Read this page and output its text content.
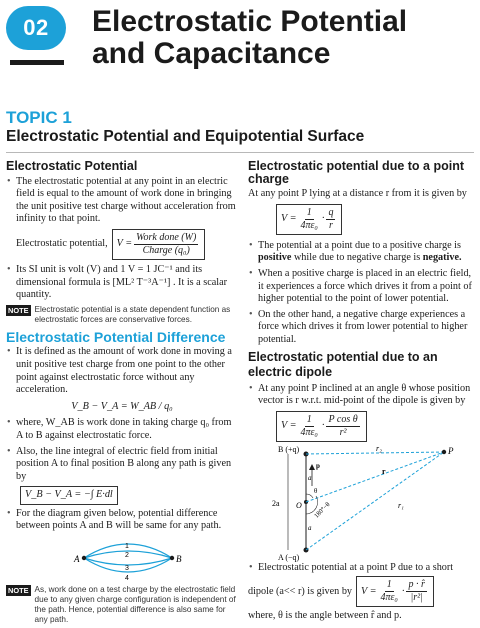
02 Electrostatic Potential
and Capacitance
TOPIC 1
Electrostatic Potential and Equipotential Surface
Electrostatic Potential
• The electrostatic potential at any point in an electric field is equal to the amount of work done in bringing the unit positive test charge without acceleration from infinity to that point.
Electrostatic potential, $V = \frac{\text{Work done (W)}}{\text{Charge (q₀)}}$
• Its SI unit is volt (V) and 1 V = 1 JC⁻¹ and its
dimensional formula is [ML² T⁻³A⁻¹] . It is a scalar quantity.
NOTE Electrostatic potential is a state dependent function as electrostatic forces are conservative forces.
Electrostatic Potential Difference
• It is defined as the amount of work done in moving a unit positive test charge from one point to the other point against electrostatic force without any acceleration.
V_B − V_A = W_AB / q₀
• where, W_AB is work done in taking charge q₀ from A to B against electrostatic force.
• Also, the line integral of electric field from initial position A to final position B along any path is given by
V_B − V_A = −∫ E·dl
• For the diagram given below, potential difference between points A and B will be same for any path.
A	B
1
2
3
4
NOTE As, work done on a test charge by the electrostatic field due to any given charge configuration is independent of the path. Hence, potential difference is also same for any path.
Electrostatic potential due to a point charge
At any point P lying at a distance r from it is given by
$V = \frac{1}{\text{4πε₀}} \cdot \frac{q}{r}$
• The potential at a point due to a positive charge is positive while due to negative charge is negative.
• When a positive charge is placed in an electric field, it experiences a force which drives it from a point of higher potential to the point of lower potential.
• On the other hand, a negative charge experiences a force which drives it from lower potential to higher potential.
Electrostatic potential due to an electric dipole
• At any point P inclined at an angle θ whose position vector is r w.r.t. mid-point of the dipole is given by
$V = \frac{1}{\text{4πε₀}} \cdot \frac{\text{P cos θ}}{\text{r²}}$
B (+q)
A (−q)
P
r
r₁
r₂
2a O
θ
180°−θ
a
a
p
• Electrostatic potential at a point P due to a short
dipole (a<< r) is given by $V = \frac{1}{\text{4πε₀}} \cdot \frac{p \cdot r̂}{\text{|r²|}}$
where, θ is the angle between r̂ and p.
